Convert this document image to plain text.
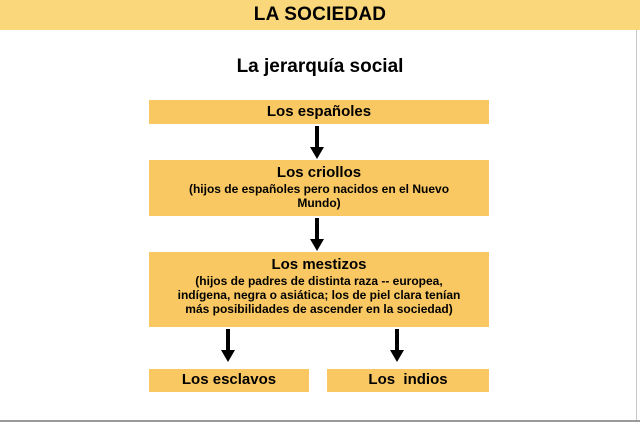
LA SOCIEDAD
La jerarquía social
Los españoles
Los criollos
(hijos de españoles pero nacidos en el Nuevo
Mundo)
Los mestizos
(hijos de padres de distinta raza -- europea,
indígena, negra o asiática; los de piel clara tenían
más posibilidades de ascender en la sociedad)
Los esclavos	Los  indios
